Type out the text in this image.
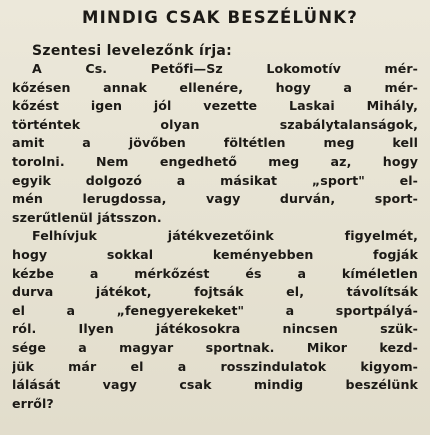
MINDIG CSAK BESZÉLÜNK?

Szentesi levelezőnk írja:

A Cs. Petőfi—Sz Lokomotív mér-
kőzésen annak ellenére, hogy a mér-
kőzést igen jól vezette Laskai Mihály,
történtek olyan szabálytalanságok,
amit a jövőben föltétlen meg kell
torolni. Nem engedhető meg az, hogy
egyik dolgozó a másikat „sport" el-
mén lerugdossa, vagy durván, sport-
szerűtlenül játsszon.
Felhívjuk játékvezetőink figyelmét,
hogy sokkal keményebben fogják
kézbe a mérkőzést és a kíméletlen
durva játékot, fojtsák el, távolítsák
el a „fenegyerekeket" a sportpályá-
ról. Ilyen játékosokra nincsen szük-
sége a magyar sportnak. Mikor kezd-
jük már el a rosszindulatok kigyom-
lálását vagy csak mindig beszélünk
erről?
